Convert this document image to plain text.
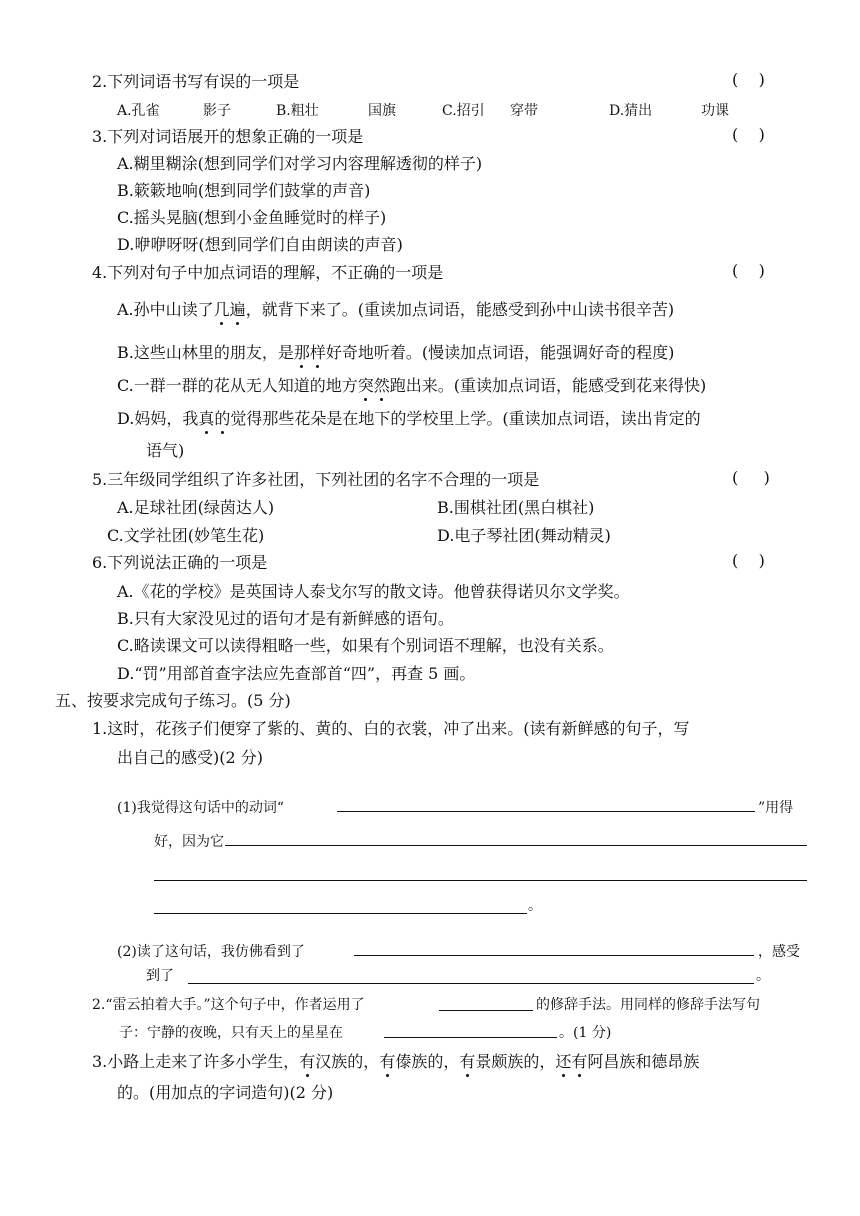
2.下列词语书写有误的一项是	(    )
A.孔雀	影子	B.粗壮	国旗	C.招引 穿带	D.猜出	功课
3.下列对词语展开的想象正确的一项是	(    )
A.糊里糊涂(想到同学们对学习内容理解透彻的样子)
B.簌簌地响(想到同学们鼓掌的声音)
C.摇头晃脑(想到小金鱼睡觉时的样子)
D.咿咿呀呀(想到同学们自由朗读的声音)
4.下列对句子中加点词语的理解，不正确的一项是	(    )
A.孙中山读了几遍，就背下来了。(重读加点词语，能感受到孙中山读书很辛苦)
B.这些山林里的朋友，是那样好奇地听着。(慢读加点词语，能强调好奇的程度)
C.一群一群的花从无人知道的地方突然跑出来。(重读加点词语，能感受到花来得快)
D.妈妈，我真的觉得那些花朵是在地下的学校里上学。(重读加点词语，读出肯定的
语气)
5.三年级同学组织了许多社团，下列社团的名字不合理的一项是	(     )
A.足球社团(绿茵达人)	B.围棋社团(黑白棋社)
C.文学社团(妙笔生花)	D.电子琴社团(舞动精灵)
6.下列说法正确的一项是	(    )
A.《花的学校》是英国诗人泰戈尔写的散文诗。他曾获得诺贝尔文学奖。
B.只有大家没见过的语句才是有新鲜感的语句。
C.略读课文可以读得粗略一些，如果有个别词语不理解，也没有关系。
D.“罚”用部首查字法应先查部首“四”，再查 5 画。
五、按要求完成句子练习。(5 分)
1.这时，花孩子们便穿了紫的、黄的、白的衣裳，冲了出来。(读有新鲜感的句子，写
出自己的感受)(2 分)
(1)我觉得这句话中的动词“	”用得
好，因为它
。
(2)读了这句话，我仿佛看到了	，感受
到了	。
2.“雷云拍着大手。”这个句子中，作者运用了	的修辞手法。用同样的修辞手法写句
子：宁静的夜晚，只有天上的星星在	。(1 分)
3.小路上走来了许多小学生，有汉族的，有傣族的，有景颇族的，还有阿昌族和德昂族
的。(用加点的字词造句)(2 分)
